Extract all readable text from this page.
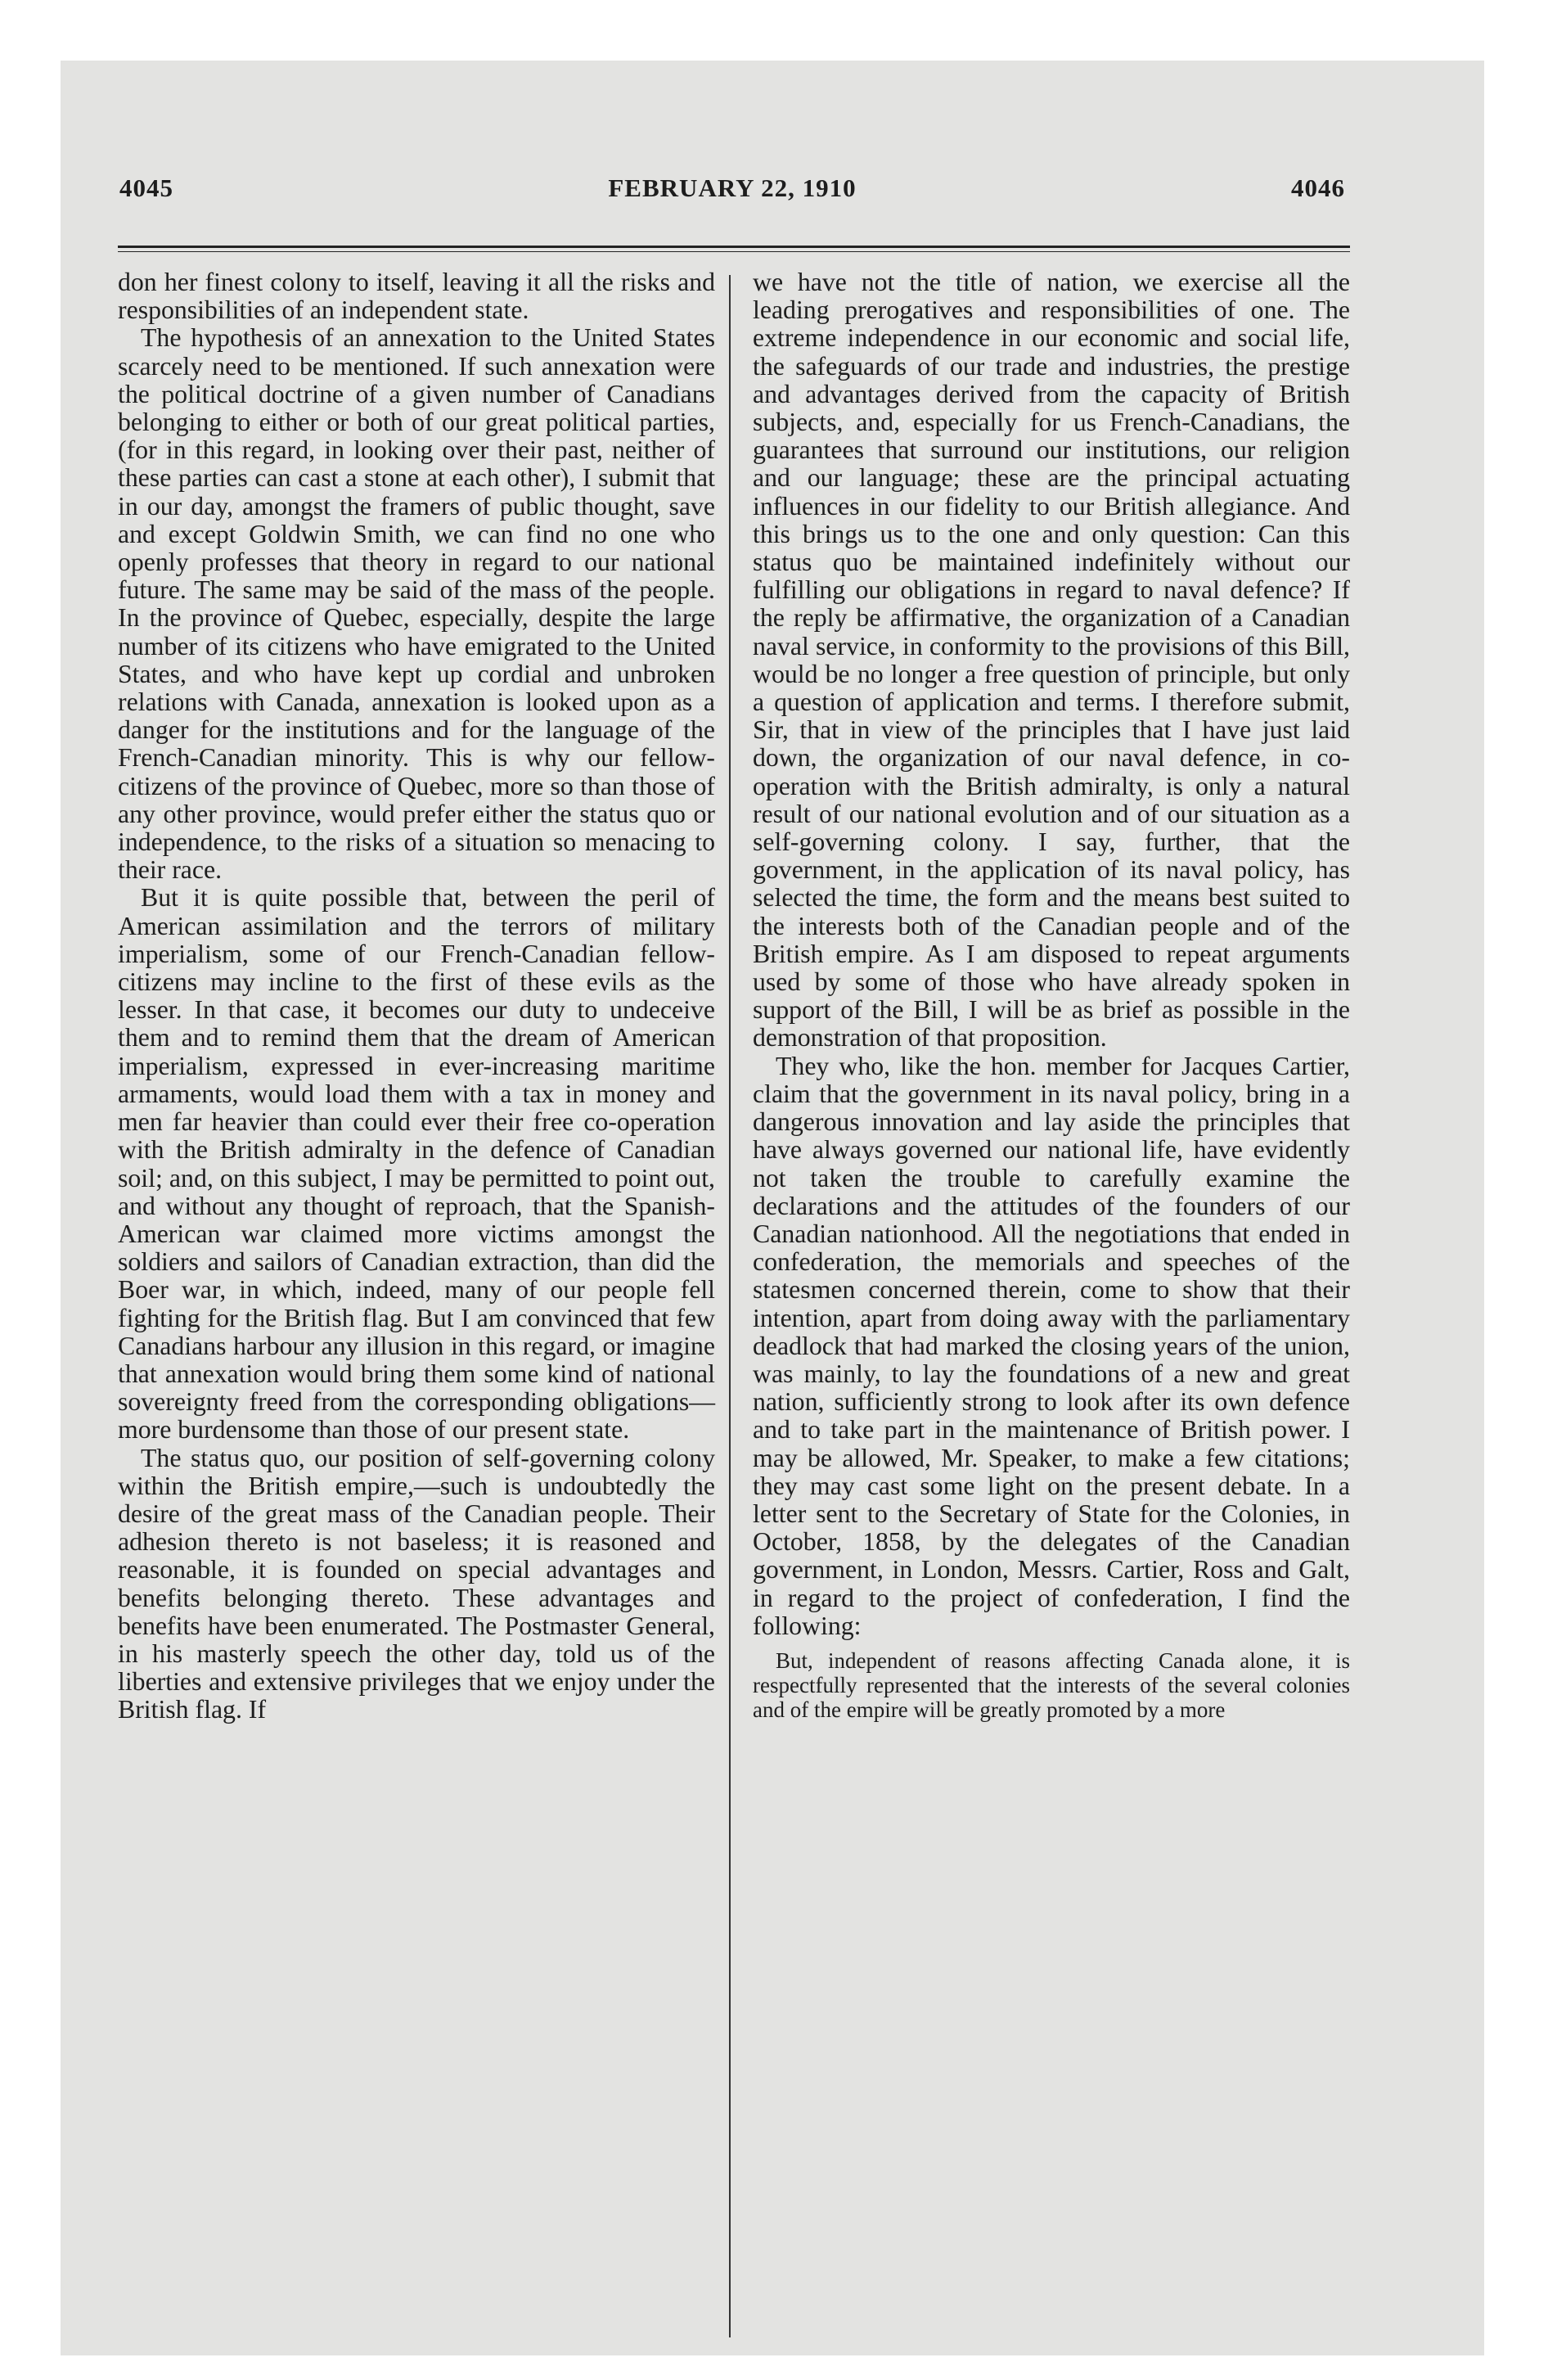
4045	FEBRUARY 22, 1910	4046

don her finest colony to itself, leaving it all the risks and responsibilities of an independent state.

The hypothesis of an annexation to the United States scarcely need to be mentioned. If such annexation were the political doctrine of a given number of Canadians belonging to either or both of our great political parties, (for in this regard, in looking over their past, neither of these parties can cast a stone at each other), I submit that in our day, amongst the framers of public thought, save and except Goldwin Smith, we can find no one who openly professes that theory in regard to our national future. The same may be said of the mass of the people. In the province of Quebec, especially, despite the large number of its citizens who have emigrated to the United States, and who have kept up cordial and unbroken relations with Canada, annexation is looked upon as a danger for the institutions and for the language of the French-Canadian minority. This is why our fellow-citizens of the province of Quebec, more so than those of any other province, would prefer either the status quo or independence, to the risks of a situation so menacing to their race.

But it is quite possible that, between the peril of American assimilation and the terrors of military imperialism, some of our French-Canadian fellow-citizens may incline to the first of these evils as the lesser. In that case, it becomes our duty to undeceive them and to remind them that the dream of American imperialism, expressed in ever-increasing maritime armaments, would load them with a tax in money and men far heavier than could ever their free co-operation with the British admiralty in the defence of Canadian soil; and, on this subject, I may be permitted to point out, and without any thought of reproach, that the Spanish-American war claimed more victims amongst the soldiers and sailors of Canadian extraction, than did the Boer war, in which, indeed, many of our people fell fighting for the British flag. But I am convinced that few Canadians harbour any illusion in this regard, or imagine that annexation would bring them some kind of national sovereignty freed from the corresponding obligations—more burdensome than those of our present state.

The status quo, our position of self-governing colony within the British empire,—such is undoubtedly the desire of the great mass of the Canadian people. Their adhesion thereto is not baseless; it is reasoned and reasonable, it is founded on special advantages and benefits belonging thereto. These advantages and benefits have been enumerated. The Postmaster General, in his masterly speech the other day, told us of the liberties and extensive privileges that we enjoy under the British flag. If

we have not the title of nation, we exercise all the leading prerogatives and responsibilities of one. The extreme independence in our economic and social life, the safeguards of our trade and industries, the prestige and advantages derived from the capacity of British subjects, and, especially for us French-Canadians, the guarantees that surround our institutions, our religion and our language; these are the principal actuating influences in our fidelity to our British allegiance. And this brings us to the one and only question: Can this status quo be maintained indefinitely without our fulfilling our obligations in regard to naval defence? If the reply be affirmative, the organization of a Canadian naval service, in conformity to the provisions of this Bill, would be no longer a free question of principle, but only a question of application and terms. I therefore submit, Sir, that in view of the principles that I have just laid down, the organization of our naval defence, in co-operation with the British admiralty, is only a natural result of our national evolution and of our situation as a self-governing colony. I say, further, that the government, in the application of its naval policy, has selected the time, the form and the means best suited to the interests both of the Canadian people and of the British empire. As I am disposed to repeat arguments used by some of those who have already spoken in support of the Bill, I will be as brief as possible in the demonstration of that proposition.

They who, like the hon. member for Jacques Cartier, claim that the government in its naval policy, bring in a dangerous innovation and lay aside the principles that have always governed our national life, have evidently not taken the trouble to carefully examine the declarations and the attitudes of the founders of our Canadian nationhood. All the negotiations that ended in confederation, the memorials and speeches of the statesmen concerned therein, come to show that their intention, apart from doing away with the parliamentary deadlock that had marked the closing years of the union, was mainly, to lay the foundations of a new and great nation, sufficiently strong to look after its own defence and to take part in the maintenance of British power. I may be allowed, Mr. Speaker, to make a few citations; they may cast some light on the present debate. In a letter sent to the Secretary of State for the Colonies, in October, 1858, by the delegates of the Canadian government, in London, Messrs. Cartier, Ross and Galt, in regard to the project of confederation, I find the following:

But, independent of reasons affecting Canada alone, it is respectfully represented that the interests of the several colonies and of the empire will be greatly promoted by a more
